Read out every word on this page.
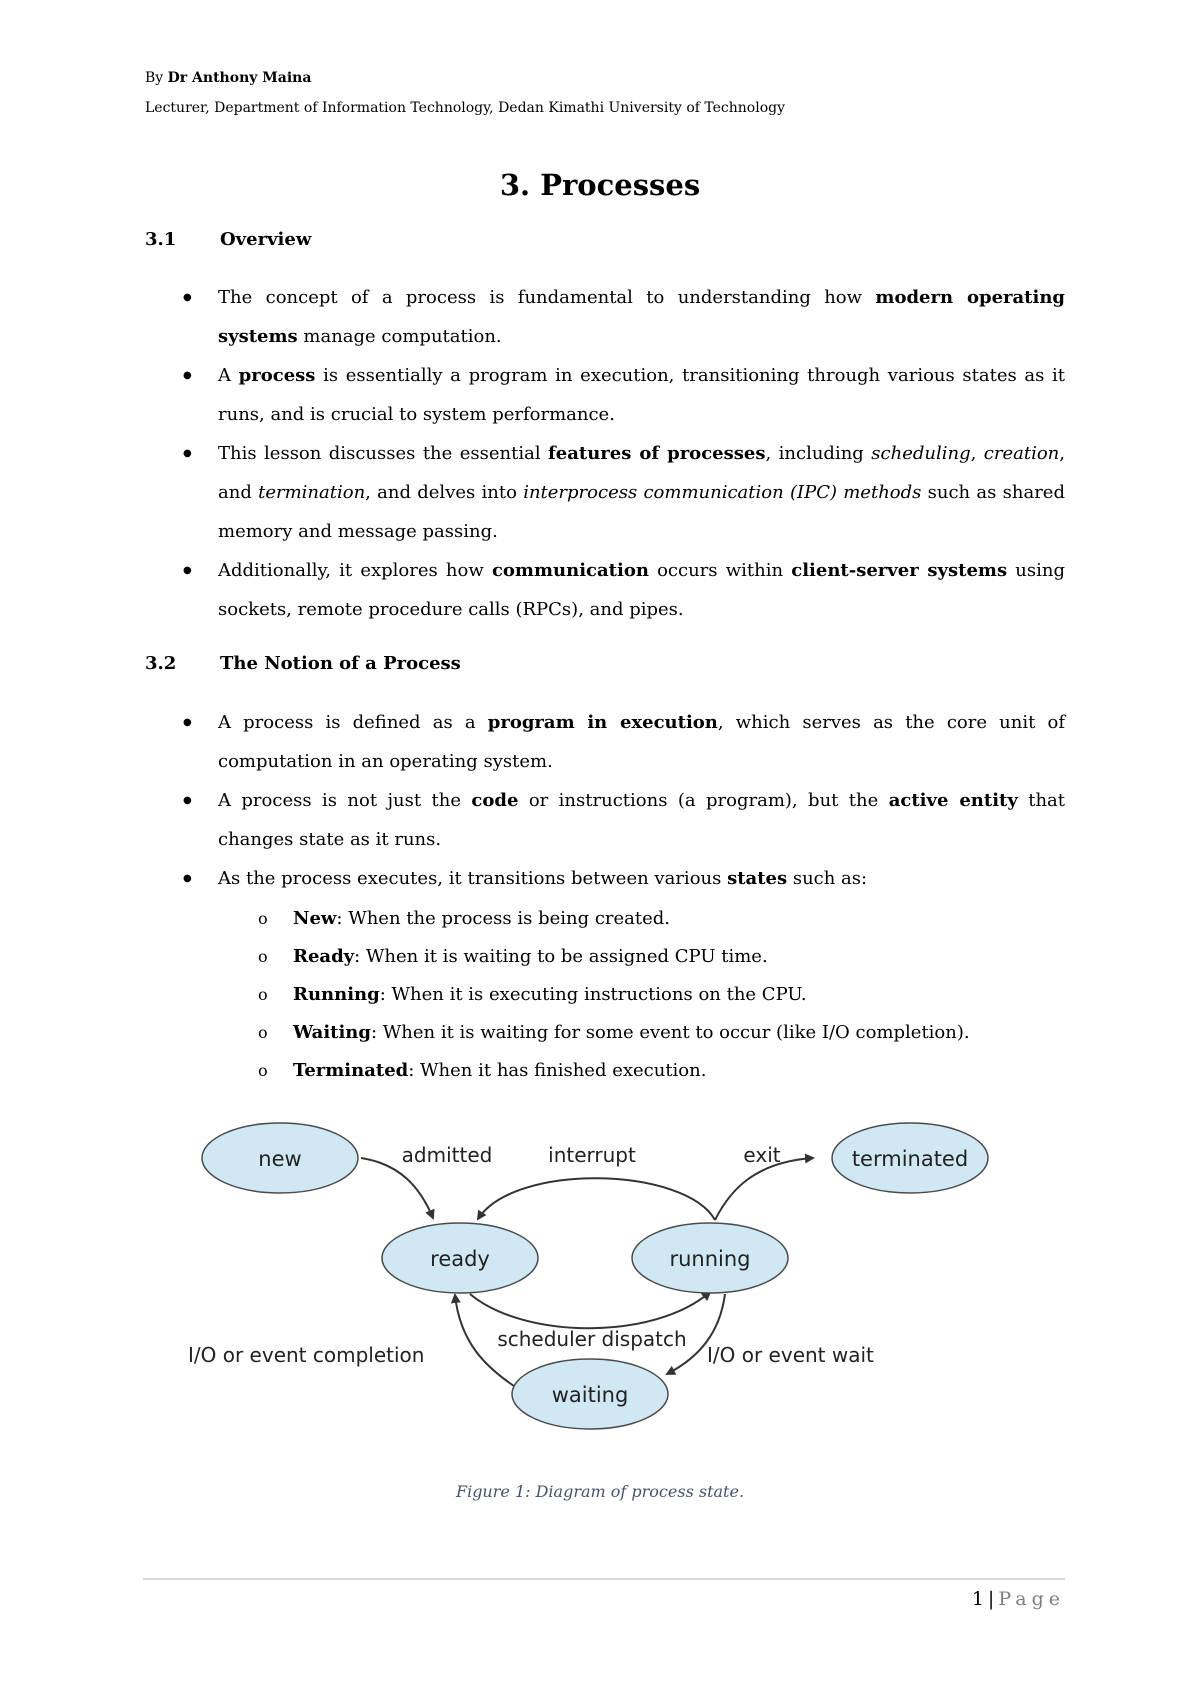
By Dr Anthony Maina
Lecturer, Department of Information Technology, Dedan Kimathi University of Technology
3. Processes
3.1 Overview
● The concept of a process is fundamental to understanding how modern operating systems manage computation.
● A process is essentially a program in execution, transitioning through various states as it runs, and is crucial to system performance.
● This lesson discusses the essential features of processes, including scheduling, creation, and termination, and delves into interprocess communication (IPC) methods such as shared memory and message passing.
● Additionally, it explores how communication occurs within client-server systems using sockets, remote procedure calls (RPCs), and pipes.
3.2 The Notion of a Process
● A process is defined as a program in execution, which serves as the core unit of computation in an operating system.
● A process is not just the code or instructions (a program), but the active entity that changes state as it runs.
● As the process executes, it transitions between various states such as:
o New: When the process is being created.
o Ready: When it is waiting to be assigned CPU time.
o Running: When it is executing instructions on the CPU.
o Waiting: When it is waiting for some event to occur (like I/O completion).
o Terminated: When it has finished execution.
new	terminated
ready	running
waiting
admitted	interrupt	exit
scheduler dispatch
I/O or event completion	I/O or event wait
Figure 1: Diagram of process state.
1 | Page
